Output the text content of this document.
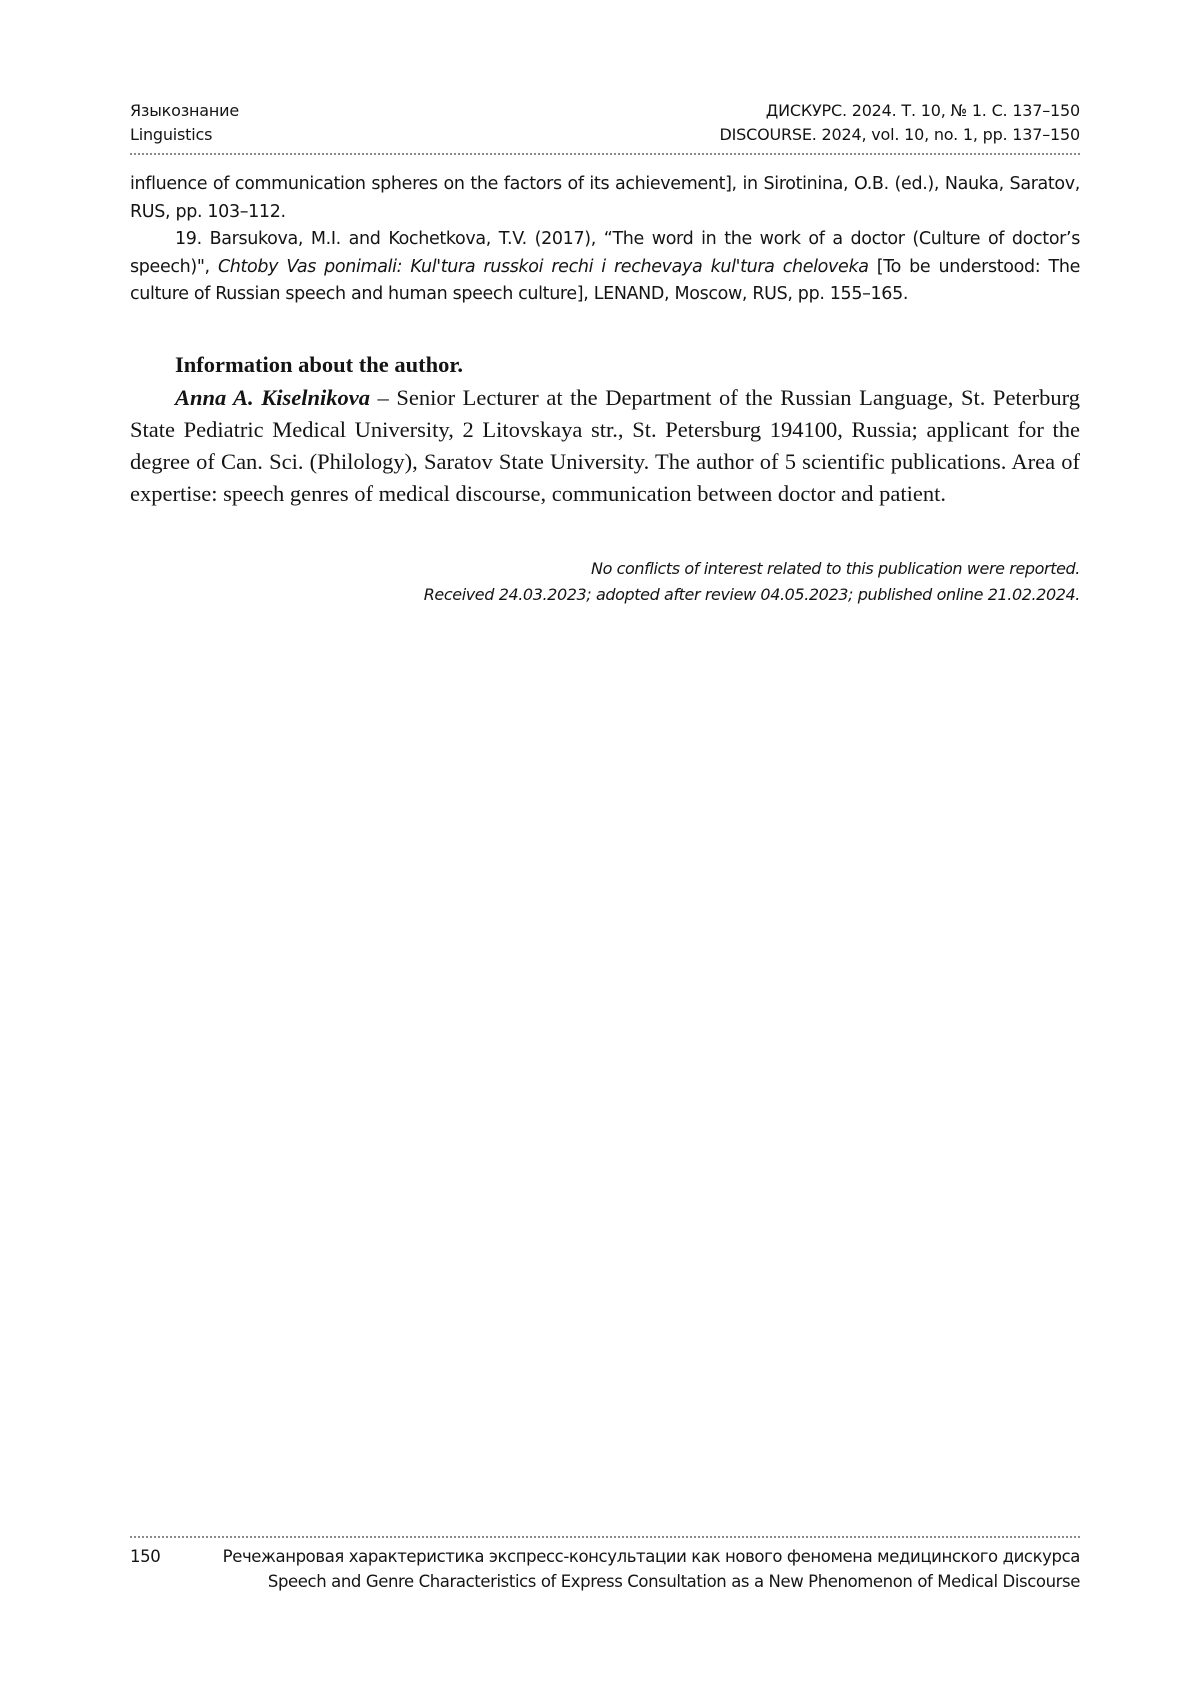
Языкознание	ДИСКУРС. 2024. Т. 10, № 1. С. 137–150
Linguistics	DISCOURSE. 2024, vol. 10, no. 1, pp. 137–150

influence of communication spheres on the factors of its achievement], in Sirotinina, O.B. (ed.), Nauka, Saratov, RUS, pp. 103–112.

19. Barsukova, M.I. and Kochetkova, T.V. (2017), “The word in the work of a doctor (Culture of doctor’s speech)", Chtoby Vas ponimali: Kul'tura russkoi rechi i rechevaya kul'tura cheloveka [To be understood: The culture of Russian speech and human speech culture], LENAND, Moscow, RUS, pp. 155–165.

Information about the author.

Anna A. Kiselnikova – Senior Lecturer at the Department of the Russian Language, St. Peterburg State Pediatric Medical University, 2 Litovskaya str., St. Petersburg 194100, Russia; applicant for the degree of Can. Sci. (Philology), Saratov State University. The author of 5 scientific publications. Area of expertise: speech genres of medical discourse, communication between doctor and patient.

No conflicts of interest related to this publication were reported.
Received 24.03.2023; adopted after review 04.05.2023; published online 21.02.2024.
150	Речежанровая характеристика экспресс-консультации как нового феномена медицинского дискурса
Speech and Genre Characteristics of Express Consultation as a New Phenomenon of Medical Discourse
